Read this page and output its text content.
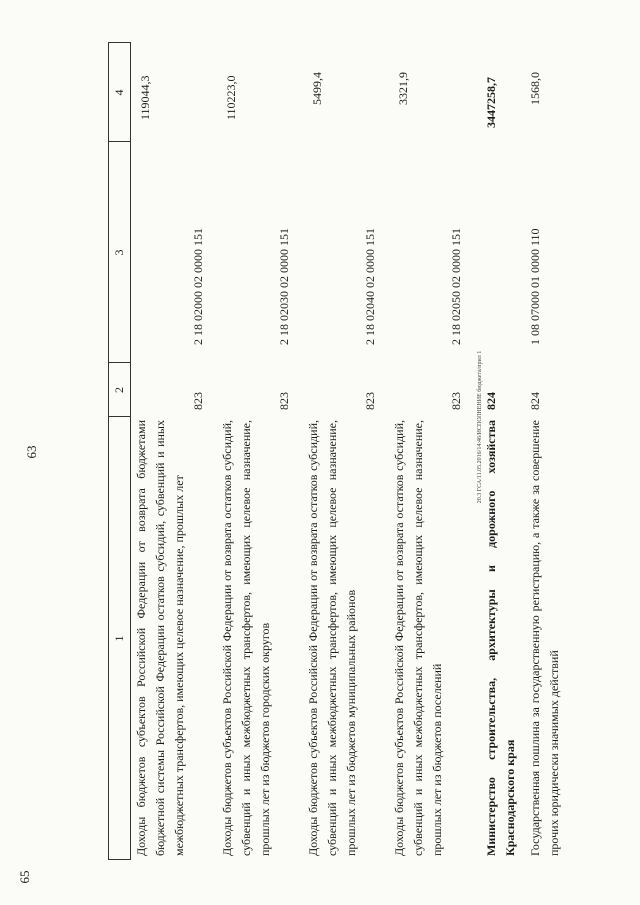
63
65
20.3 ГСА/11.05.2016/14:46/ИСПОЛНЕНИЕ бюджета/прил 1
1
2
3
4
Доходы бюджетов субъектов Российской Федерации от возврата бюджетами бюджетной системы Российской Федерации остатков субсидий, субвенций и иных межбюджетных трансфертов, имеющих целевое назначение, прошлых лет
823
2 18 02000 02 0000 151
119044,3
Доходы бюджетов субъектов Российской Федерации от возврата остатков субсидий, субвенций и иных межбюджетных трансфертов, имеющих целевое назначение, прошлых лет из бюджетов городских округов
823
2 18 02030 02 0000 151
110223,0
Доходы бюджетов субъектов Российской Федерации от возврата остатков субсидий, субвенций и иных межбюджетных трансфертов, имеющих целевое назначение, прошлых лет из бюджетов муниципальных районов
823
2 18 02040 02 0000 151
5499,4
Доходы бюджетов субъектов Российской Федерации от возврата остатков субсидий, субвенций и иных межбюджетных трансфертов, имеющих целевое назначение, прошлых лет из бюджетов поселений
823
2 18 02050 02 0000 151
3321,9
Министерство строительства, архитектуры и дорожного хозяйства Краснодарского края
824
3447258,7
Государственная пошлина за государственную регистрацию, а также за совершение прочих юридически значимых действий
824
1 08 07000 01 0000 110
1568,0
